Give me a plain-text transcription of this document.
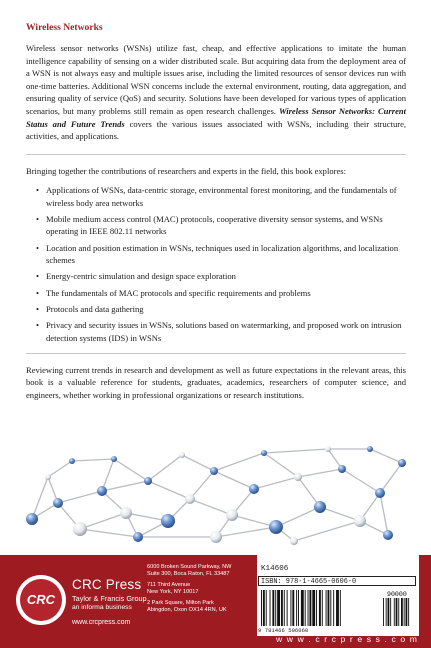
Wireless Networks

Wireless sensor networks (WSNs) utilize fast, cheap, and effective applications to imitate the human intelligence capability of sensing on a wider distributed scale. But acquiring data from the deployment area of a WSN is not always easy and multiple issues arise, including the limited resources of sensor devices run with one-time batteries. Additional WSN concerns include the external environment, routing, data aggregation, and ensuring quality of service (QoS) and security. Solutions have been developed for various types of application scenarios, but many problems still remain as open research challenges. Wireless Sensor Networks: Current Status and Future Trends covers the various issues associated with WSNs, including their structure, activities, and applications.

Bringing together the contributions of researchers and experts in the field, this book explores:

• Applications of WSNs, data-centric storage, environmental forest monitoring, and the fundamentals of wireless body area networks
• Mobile medium access control (MAC) protocols, cooperative diversity sensor systems, and WSNs operating in IEEE 802.11 networks
• Location and position estimation in WSNs, techniques used in localization algorithms, and localization schemes
• Energy-centric simulation and design space exploration
• The fundamentals of MAC protocols and specific requirements and problems
• Protocols and data gathering
• Privacy and security issues in WSNs, solutions based on watermarking, and proposed work on intrusion detection systems (IDS) in WSNs

Reviewing current trends in research and development as well as future expectations in the relevant areas, this book is a valuable reference for students, graduates, academics, researchers of computer science, and engineers, whether working in professional organizations or research institutions.

CRC
CRC Press
Taylor & Francis Group
an informa business
www.crcpress.com
6000 Broken Sound Parkway, NW
Suite 300, Boca Raton, FL 33487
711 Third Avenue
New York, NY 10017
2 Park Square, Milton Park
Abingdon, Oxon OX14 4RN, UK
K14606
ISBN: 978-1-4665-0606-0
90000
9 781466 506060
w w w . c r c p r e s s . c o m
